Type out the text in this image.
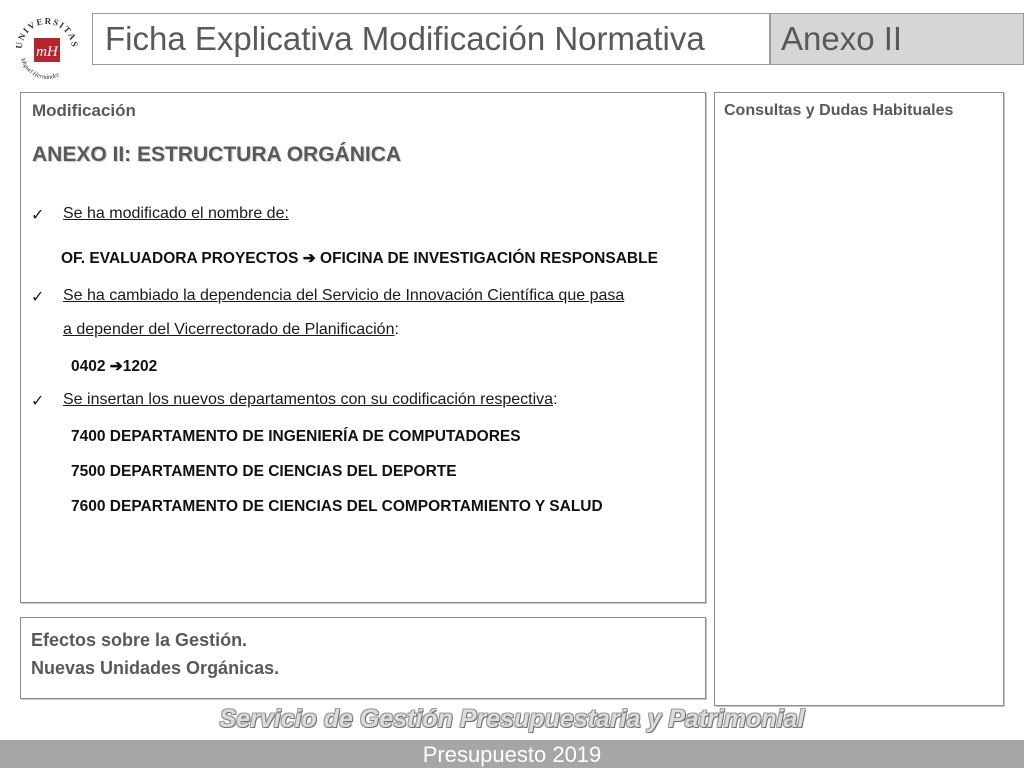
UNIVERSITAS
Miguel Hernández
mH Ficha Explicativa Modificación Normativa Anexo II
Modificación
ANEXO II: ESTRUCTURA ORGÁNICA
✓	Se ha modificado el nombre de:
OF. EVALUADORA PROYECTOS ➔ OFICINA DE INVESTIGACIÓN RESPONSABLE
✓	Se ha cambiado la dependencia del Servicio de Innovación Científica que pasa
a depender del Vicerrectorado de Planificación:
0402 ➔1202
✓	Se insertan los nuevos departamentos con su codificación respectiva:
7400 DEPARTAMENTO DE INGENIERÍA DE COMPUTADORES
7500 DEPARTAMENTO DE CIENCIAS DEL DEPORTE
7600 DEPARTAMENTO DE CIENCIAS DEL COMPORTAMIENTO Y SALUD
Consultas y Dudas Habituales
Efectos sobre la Gestión.
Nuevas Unidades Orgánicas.
Servicio de Gestión Presupuestaria y Patrimonial
Presupuesto 2019
